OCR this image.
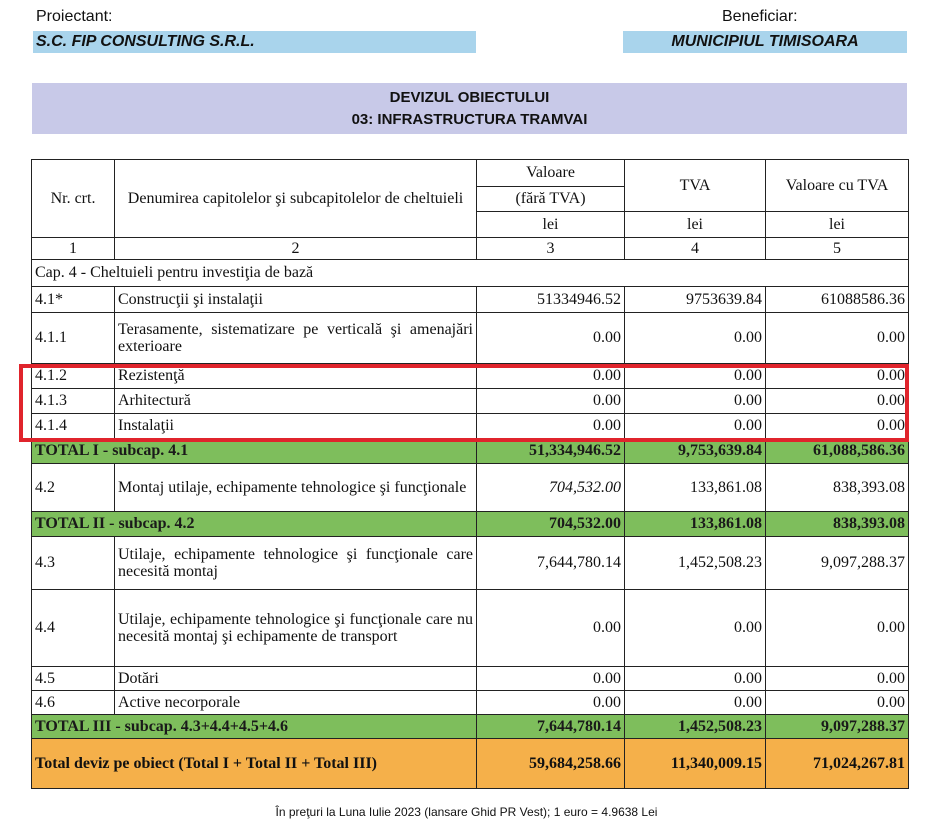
Proiectant:
S.C. FIP CONSULTING S.R.L.
Beneficiar:
MUNICIPIUL TIMISOARA
DEVIZUL OBIECTULUI
03: INFRASTRUCTURA TRAMVAI
Nr. crt.	Denumirea capitolelor şi subcapitolelor de cheltuieli	Valoare	TVA	Valoare cu TVA
		(fără TVA)		
		lei	lei	lei
1	2	3	4	5
Cap. 4 - Cheltuieli pentru investiţia de bază				
4.1*	Construcţii şi instalaţii	51334946.52	9753639.84	61088586.36
4.1.1	Terasamente, sistematizare pe verticală şi amenajări exterioare	0.00	0.00	0.00
4.1.2	Rezistenţă	0.00	0.00	0.00
4.1.3	Arhitectură	0.00	0.00	0.00
4.1.4	Instalaţii	0.00	0.00	0.00
TOTAL I - subcap. 4.1		51,334,946.52	9,753,639.84	61,088,586.36
4.2	Montaj utilaje, echipamente tehnologice şi funcţionale	704,532.00	133,861.08	838,393.08
TOTAL II - subcap. 4.2		704,532.00	133,861.08	838,393.08
4.3	Utilaje, echipamente tehnologice şi funcţionale care necesită montaj	7,644,780.14	1,452,508.23	9,097,288.37
4.4	Utilaje, echipamente tehnologice şi funcţionale care nu necesită montaj şi echipamente de transport	0.00	0.00	0.00
4.5	Dotări	0.00	0.00	0.00
4.6	Active necorporale	0.00	0.00	0.00
TOTAL III - subcap. 4.3+4.4+4.5+4.6		7,644,780.14	1,452,508.23	9,097,288.37
Total deviz pe obiect (Total I + Total II + Total III)		59,684,258.66	11,340,009.15	71,024,267.81
În preţuri la Luna Iulie 2023 (lansare Ghid PR Vest); 1 euro = 4.9638 Lei
